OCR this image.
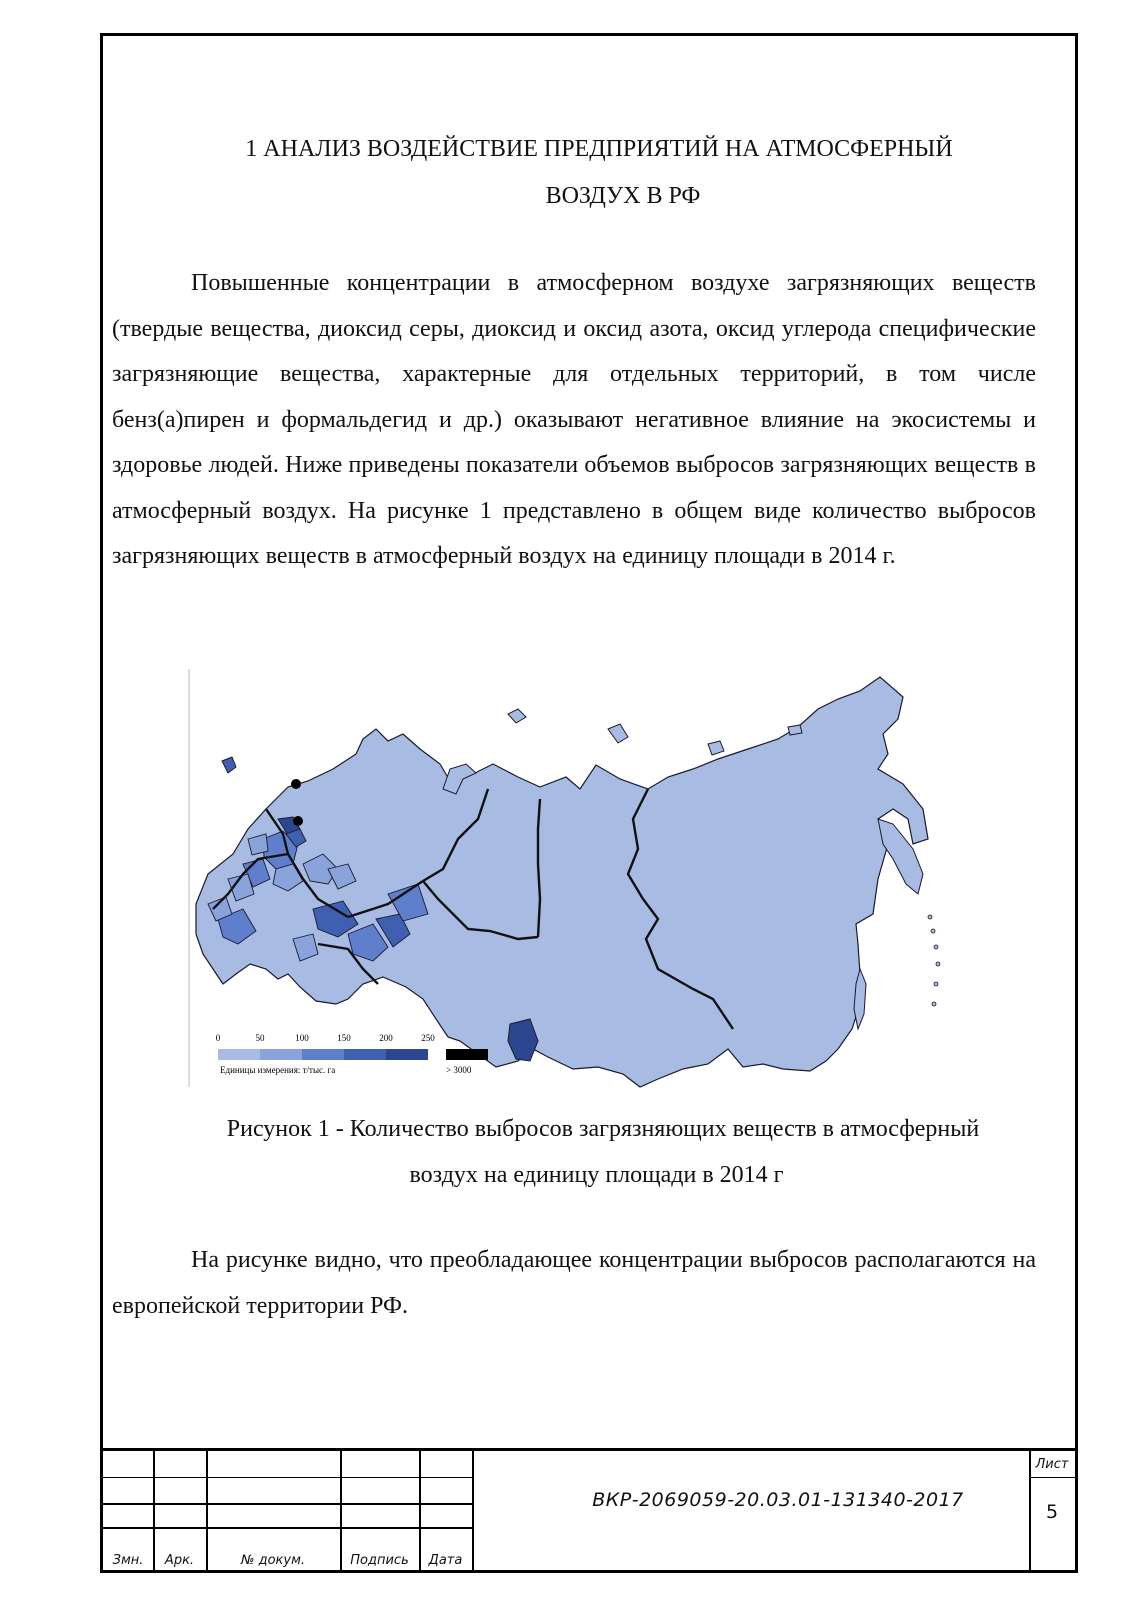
1 АНАЛИЗ ВОЗДЕЙСТВИЕ ПРЕДПРИЯТИЙ НА АТМОСФЕРНЫЙ
ВОЗДУХ В РФ

Повышенные концентрации в атмосферном воздухе загрязняющих веществ (твердые вещества, диоксид серы, диоксид и оксид азота, оксид углерода специфические загрязняющие вещества, характерные для отдельных территорий, в том числе бенз(а)пирен и формальдегид и др.) оказывают негативное влияние на экосистемы и здоровье людей. Ниже приведены показатели объемов выбросов загрязняющих веществ в атмосферный воздух. На рисунке 1 представлено в общем виде количество выбросов загрязняющих веществ в атмосферный воздух на единицу площади в 2014 г.

0	50	100	150	200	250
Единицы измерения: т/тыс. га	> 3000
Рисунок 1 - Количество выбросов загрязняющих веществ в атмосферный
воздух на единицу площади в 2014 г

На рисунке видно, что преобладающее концентрации выбросов располагаются на европейской территории РФ.

Змн.	Арк.	№ докум.	Подпись	Дата
ВКР-2069059-20.03.01-131340-2017
Лист
5
